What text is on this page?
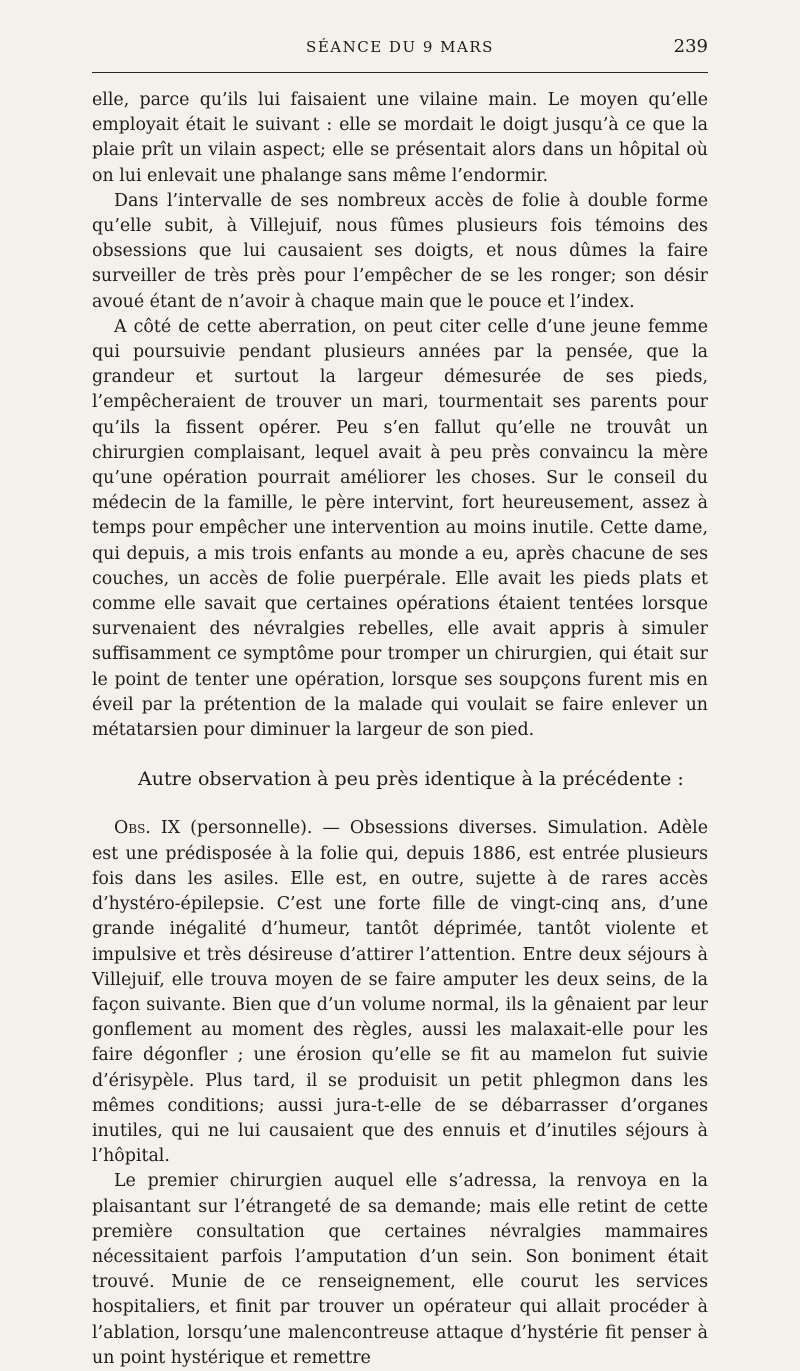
SÉANCE DU 9 MARS	239

elle, parce qu’ils lui faisaient une vilaine main. Le moyen qu’elle employait était le suivant : elle se mordait le doigt jusqu’à ce que la plaie prît un vilain aspect; elle se présentait alors dans un hôpital où on lui enlevait une phalange sans même l’endormir.

Dans l’intervalle de ses nombreux accès de folie à double forme qu’elle subit, à Villejuif, nous fûmes plusieurs fois témoins des obsessions que lui causaient ses doigts, et nous dûmes la faire surveiller de très près pour l’empêcher de se les ronger; son désir avoué étant de n’avoir à chaque main que le pouce et l’index.

A côté de cette aberration, on peut citer celle d’une jeune femme qui poursuivie pendant plusieurs années par la pensée, que la grandeur et surtout la largeur démesurée de ses pieds, l’empêcheraient de trouver un mari, tourmentait ses parents pour qu’ils la fissent opérer. Peu s’en fallut qu’elle ne trouvât un chirurgien complaisant, lequel avait à peu près convaincu la mère qu’une opération pourrait améliorer les choses. Sur le conseil du médecin de la famille, le père intervint, fort heureusement, assez à temps pour empêcher une intervention au moins inutile. Cette dame, qui depuis, a mis trois enfants au monde a eu, après chacune de ses couches, un accès de folie puerpérale. Elle avait les pieds plats et comme elle savait que certaines opérations étaient tentées lorsque survenaient des névralgies rebelles, elle avait appris à simuler suffisamment ce symptôme pour tromper un chirurgien, qui était sur le point de tenter une opération, lorsque ses soupçons furent mis en éveil par la prétention de la malade qui voulait se faire enlever un métatarsien pour diminuer la largeur de son pied.

Autre observation à peu près identique à la précédente :

Obs. IX (personnelle). — Obsessions diverses. Simulation. Adèle est une prédisposée à la folie qui, depuis 1886, est entrée plusieurs fois dans les asiles. Elle est, en outre, sujette à de rares accès d’hystéro-épilepsie. C’est une forte fille de vingt-cinq ans, d’une grande inégalité d’humeur, tantôt déprimée, tantôt violente et impulsive et très désireuse d’attirer l’attention. Entre deux séjours à Villejuif, elle trouva moyen de se faire amputer les deux seins, de la façon suivante. Bien que d’un volume normal, ils la gênaient par leur gonflement au moment des règles, aussi les malaxait-elle pour les faire dégonfler ; une érosion qu’elle se fit au mamelon fut suivie d’érisypèle. Plus tard, il se produisit un petit phlegmon dans les mêmes conditions; aussi jura-t-elle de se débarrasser d’organes inutiles, qui ne lui causaient que des ennuis et d’inutiles séjours à l’hôpital.

Le premier chirurgien auquel elle s’adressa, la renvoya en la plaisantant sur l’étrangeté de sa demande; mais elle retint de cette première consultation que certaines névralgies mammaires nécessitaient parfois l’amputation d’un sein. Son boniment était trouvé. Munie de ce renseignement, elle courut les services hospitaliers, et finit par trouver un opérateur qui allait procéder à l’ablation, lorsqu’une malencontreuse attaque d’hystérie fit penser à un point hystérique et remettre
